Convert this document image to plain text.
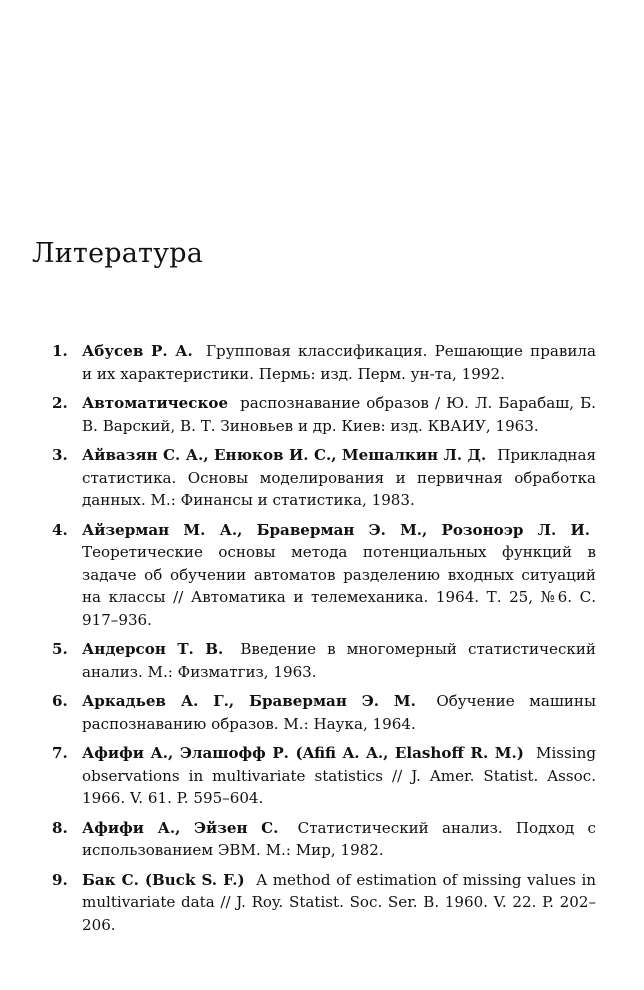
Литература
1. Абусев Р. А. Групповая классификация. Решающие правила и их характеристики. Пермь: изд. Перм. ун-та, 1992.
2. Автоматическое распознавание образов / Ю. Л. Барабаш, Б. В. Варский, В. Т. Зиновьев и др. Киев: изд. КВАИУ, 1963.
3. Айвазян С. А., Енюков И. С., Мешалкин Л. Д. Прикладная статистика. Основы моделирования и первичная обработка данных. М.: Финансы и статистика, 1983.
4. Айзерман М. А., Браверман Э. М., Розоноэр Л. И. Теоретические основы метода потенциальных функций в задаче об обучении автоматов разделению входных ситуаций на классы // Автоматика и телемеханика. 1964. Т. 25, №6. С. 917–936.
5. Андерсон Т. В. Введение в многомерный статистический анализ. М.: Физматгиз, 1963.
6. Аркадьев А. Г., Браверман Э. М. Обучение машины распознаванию образов. М.: Наука, 1964.
7. Афифи А., Элашофф Р. (Afifi A. A., Elashoff R. M.) Missing observations in multivariate statistics // J. Amer. Statist. Assoc. 1966. V. 61. P. 595–604.
8. Афифи А., Эйзен С. Статистический анализ. Подход с использованием ЭВМ. М.: Мир, 1982.
9. Бак С. (Buck S. F.) A method of estimation of missing values in multivariate data // J. Roy. Statist. Soc. Ser. B. 1960. V. 22. P. 202–206.
